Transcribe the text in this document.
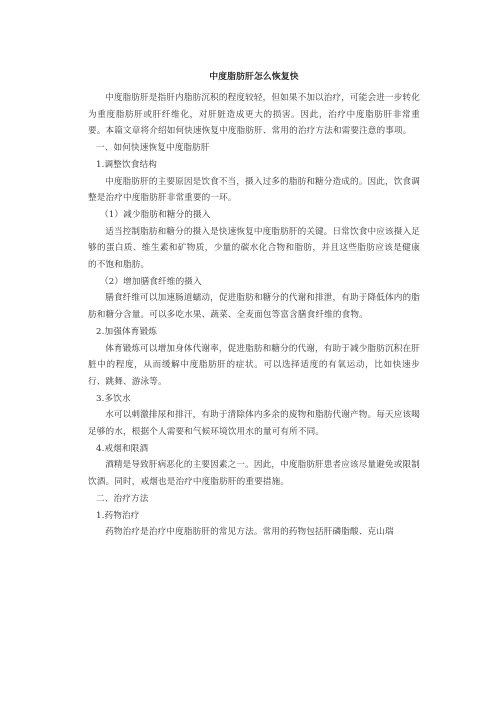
中度脂肪肝怎么恢复快

中度脂肪肝是指肝内脂肪沉积的程度较轻，但如果不加以治疗，可能会进一步转化为重度脂肪肝或肝纤维化，对肝脏造成更大的损害。因此，治疗中度脂肪肝非常重要。本篇文章将介绍如何快速恢复中度脂肪肝、常用的治疗方法和需要注意的事项。

一、如何快速恢复中度脂肪肝

1.调整饮食结构

中度脂肪肝的主要原因是饮食不当，摄入过多的脂肪和糖分造成的。因此，饮食调整是治疗中度脂肪肝非常重要的一环。

（1）减少脂肪和糖分的摄入

适当控制脂肪和糖分的摄入是快速恢复中度脂肪肝的关键。日常饮食中应该摄入足够的蛋白质、维生素和矿物质，少量的碳水化合物和脂肪，并且这些脂肪应该是健康的不饱和脂肪。

（2）增加膳食纤维的摄入

膳食纤维可以加速肠道蠕动，促进脂肪和糖分的代谢和排泄，有助于降低体内的脂肪和糖分含量。可以多吃水果、蔬菜、全麦面包等富含膳食纤维的食物。

2.加强体育锻炼

体育锻炼可以增加身体代谢率，促进脂肪和糖分的代谢，有助于减少脂肪沉积在肝脏中的程度，从而缓解中度脂肪肝的症状。可以选择适度的有氧运动，比如快速步行、跳舞、游泳等。

3.多饮水

水可以刺激排尿和排汗，有助于清除体内多余的废物和脂肪代谢产物。每天应该喝足够的水，根据个人需要和气候环境饮用水的量可有所不同。

4.戒烟和限酒

酒精是导致肝病恶化的主要因素之一。因此，中度脂肪肝患者应该尽量避免或限制饮酒。同时，戒烟也是治疗中度脂肪肝的重要措施。

二、治疗方法

1.药物治疗

药物治疗是治疗中度脂肪肝的常见方法。常用的药物包括肝磷脂酸、克山瑞
